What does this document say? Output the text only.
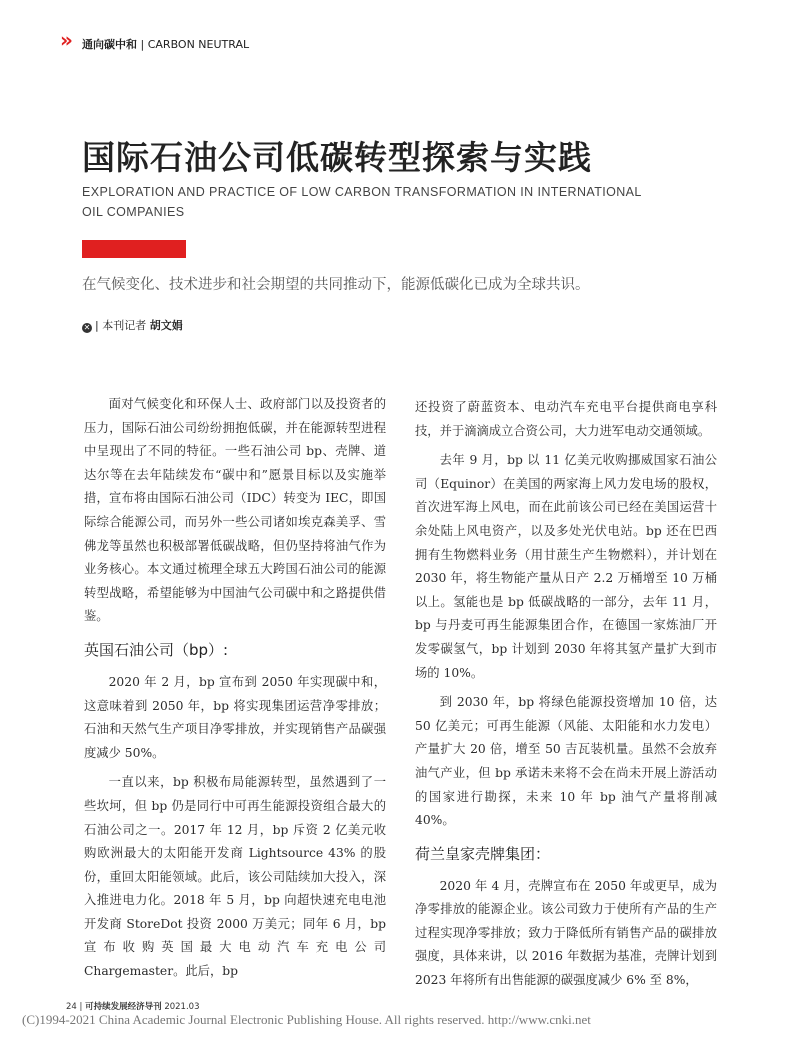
» 通向碳中和 | CARBON NEUTRAL
国际石油公司低碳转型探索与实践
EXPLORATION AND PRACTICE OF LOW CARBON TRANSFORMATION IN INTERNATIONAL OIL COMPANIES
在气候变化、技术进步和社会期望的共同推动下，能源低碳化已成为全球共识。
✕ | 本刊记者 胡文娟

面对气候变化和环保人士、政府部门以及投资者的压力，国际石油公司纷纷拥抱低碳，并在能源转型进程中呈现出了不同的特征。一些石油公司 bp、壳牌、道达尔等在去年陆续发布“碳中和”愿景目标以及实施举措，宣布将由国际石油公司（IDC）转变为 IEC，即国际综合能源公司，而另外一些公司诸如埃克森美孚、雪佛龙等虽然也积极部署低碳战略，但仍坚持将油气作为业务核心。本文通过梳理全球五大跨国石油公司的能源转型战略，希望能够为中国油气公司碳中和之路提供借鉴。

英国石油公司（bp）:

2020 年 2 月，bp 宣布到 2050 年实现碳中和，这意味着到 2050 年，bp 将实现集团运营净零排放；石油和天然气生产项目净零排放，并实现销售产品碳强度减少 50%。

一直以来，bp 积极布局能源转型，虽然遇到了一些坎坷，但 bp 仍是同行中可再生能源投资组合最大的石油公司之一。2017 年 12 月，bp 斥资 2 亿美元收购欧洲最大的太阳能开发商 Lightsource 43% 的股份，重回太阳能领域。此后，该公司陆续加大投入，深入推进电力化。2018 年 5 月，bp 向超快速充电电池开发商 StoreDot 投资 2000 万美元；同年 6 月，bp 宣布收购英国最大电动汽车充电公司 Chargemaster。此后，bp

还投资了蔚蓝资本、电动汽车充电平台提供商电享科技，并于滴滴成立合资公司，大力进军电动交通领域。

去年 9 月，bp 以 11 亿美元收购挪威国家石油公司（Equinor）在美国的两家海上风力发电场的股权，首次进军海上风电，而在此前该公司已经在美国运营十余处陆上风电资产，以及多处光伏电站。bp 还在巴西拥有生物燃料业务（用甘蔗生产生物燃料），并计划在 2030 年，将生物能产量从日产 2.2 万桶增至 10 万桶以上。氢能也是 bp 低碳战略的一部分，去年 11 月，bp 与丹麦可再生能源集团合作，在德国一家炼油厂开发零碳氢气，bp 计划到 2030 年将其氢产量扩大到市场的 10%。

到 2030 年，bp 将绿色能源投资增加 10 倍，达 50 亿美元；可再生能源（风能、太阳能和水力发电）产量扩大 20 倍，增至 50 吉瓦装机量。虽然不会放弃油气产业，但 bp 承诺未来将不会在尚未开展上游活动的国家进行勘探，未来 10 年 bp 油气产量将削减 40%。

荷兰皇家壳牌集团：

2020 年 4 月，壳牌宣布在 2050 年或更早，成为净零排放的能源企业。该公司致力于使所有产品的生产过程实现净零排放；致力于降低所有销售产品的碳排放强度，具体来讲，以 2016 年数据为基准，壳牌计划到 2023 年将所有出售能源的碳强度减少 6% 至 8%，

24 | 可持续发展经济导刊 2021.03
(C)1994-2021 China Academic Journal Electronic Publishing House. All rights reserved. http://www.cnki.net
